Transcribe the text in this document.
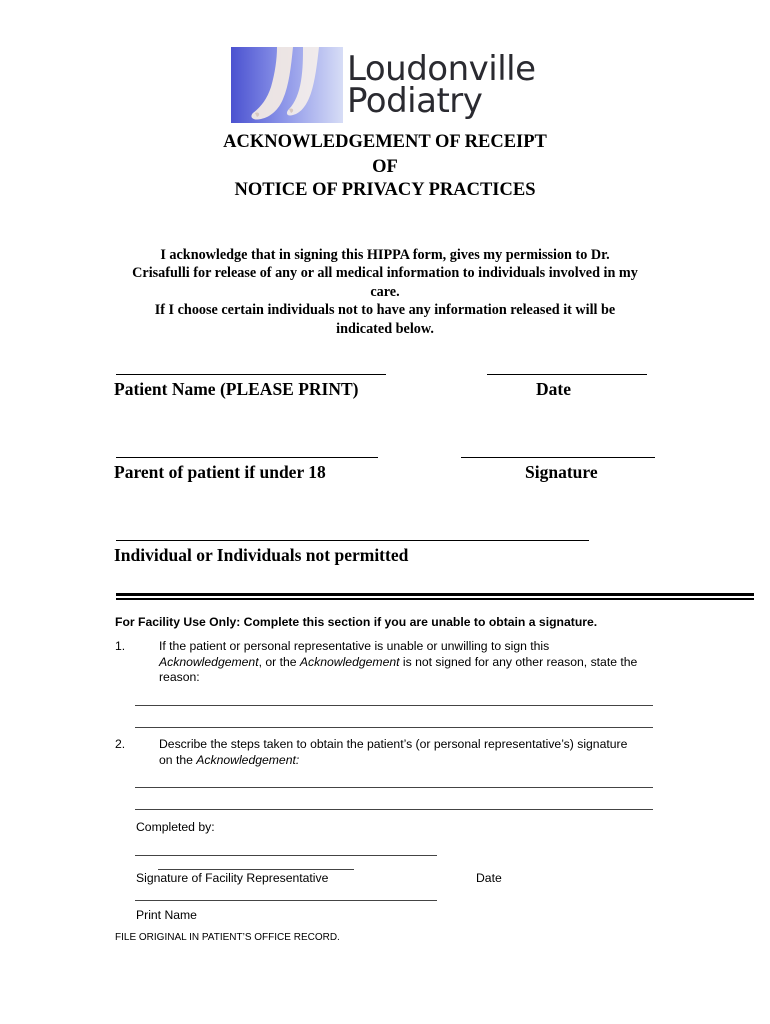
Loudonville
Podiatry
ACKNOWLEDGEMENT OF RECEIPT
OF
NOTICE OF PRIVACY PRACTICES
I acknowledge that in signing this HIPPA form, gives my permission to Dr.
Crisafulli for release of any or all medical information to individuals involved in my
care.
If I choose certain individuals not to have any information released it will be
indicated below.
Patient Name (PLEASE PRINT)	Date
Parent of patient if under 18	Signature
Individual or Individuals not permitted
For Facility Use Only: Complete this section if you are unable to obtain a signature.
1.	If the patient or personal representative is unable or unwilling to sign this
Acknowledgement, or the Acknowledgement is not signed for any other reason, state the
reason:
2.	Describe the steps taken to obtain the patient’s (or personal representative’s) signature
on the Acknowledgement:
Completed by:
Signature of Facility Representative	Date
Print Name
FILE ORIGINAL IN PATIENT’S OFFICE RECORD.
